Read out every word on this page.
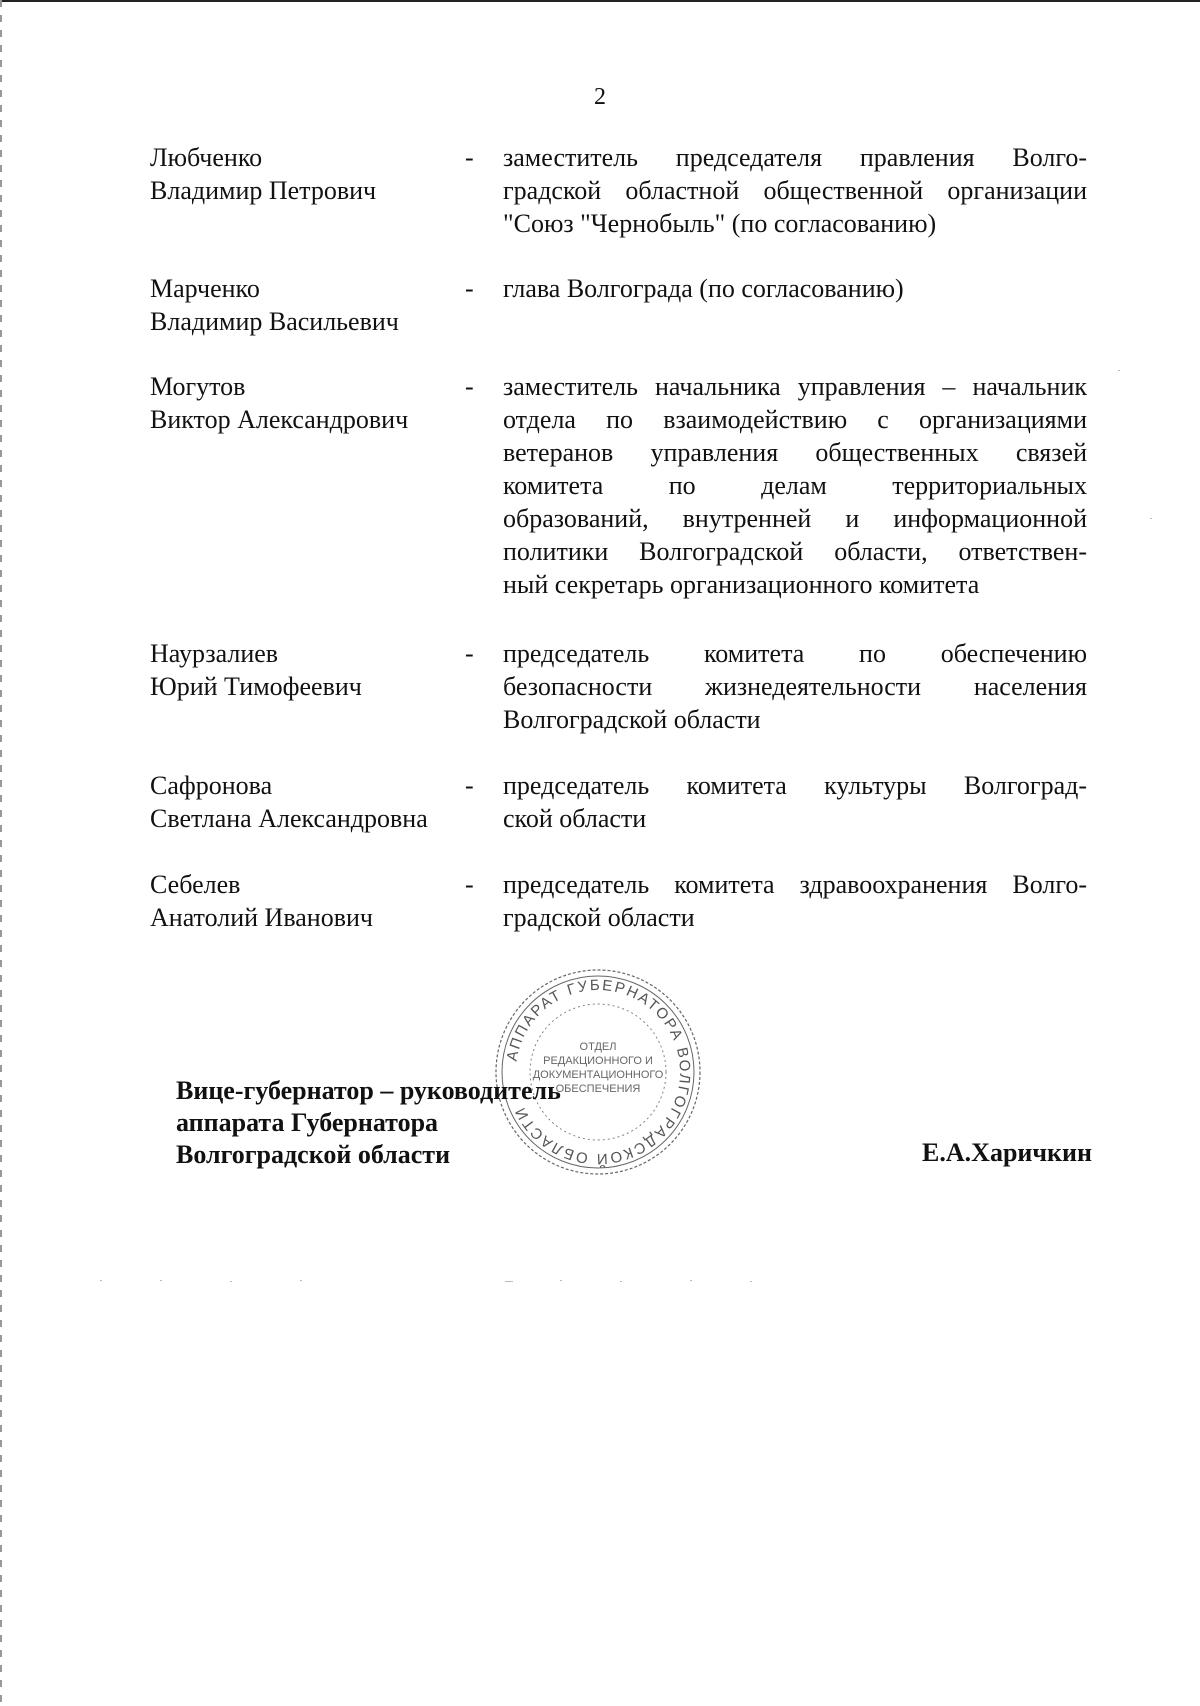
2
Любченко
Владимир Петрович
-	заместитель председателя правления Волго-
градской областной общественной организации
"Союз "Чернобыль" (по согласованию)
Марченко
Владимир Васильевич
-	глава Волгограда (по согласованию)
Могутов
Виктор Александрович
-	заместитель начальника управления – начальник
отдела по взаимодействию с организациями
ветеранов управления общественных связей
комитета по делам территориальных
образований, внутренней и информационной
политики Волгоградской области, ответствен-
ный секретарь организационного комитета
Наурзалиев
Юрий Тимофеевич
-	председатель комитета по обеспечению
безопасности жизнедеятельности населения
Волгоградской области
Сафронова
Светлана Александровна
-	председатель комитета культуры Волгоград-
ской области
Себелев
Анатолий Иванович
-	председатель комитета здравоохранения Волго-
градской области
АППАРАТ ГУБЕРНАТОРА ВОЛГОГРАДСКОЙ ОБЛАСТИ
ОТДЕЛ
РЕДАКЦИОННОГО И
ДОКУМЕНТАЦИОННОГО
ОБЕСПЕЧЕНИЯ
Вице-губернатор – руководитель
аппарата Губернатора
Волгоградской области	Е.А.Харичкин
